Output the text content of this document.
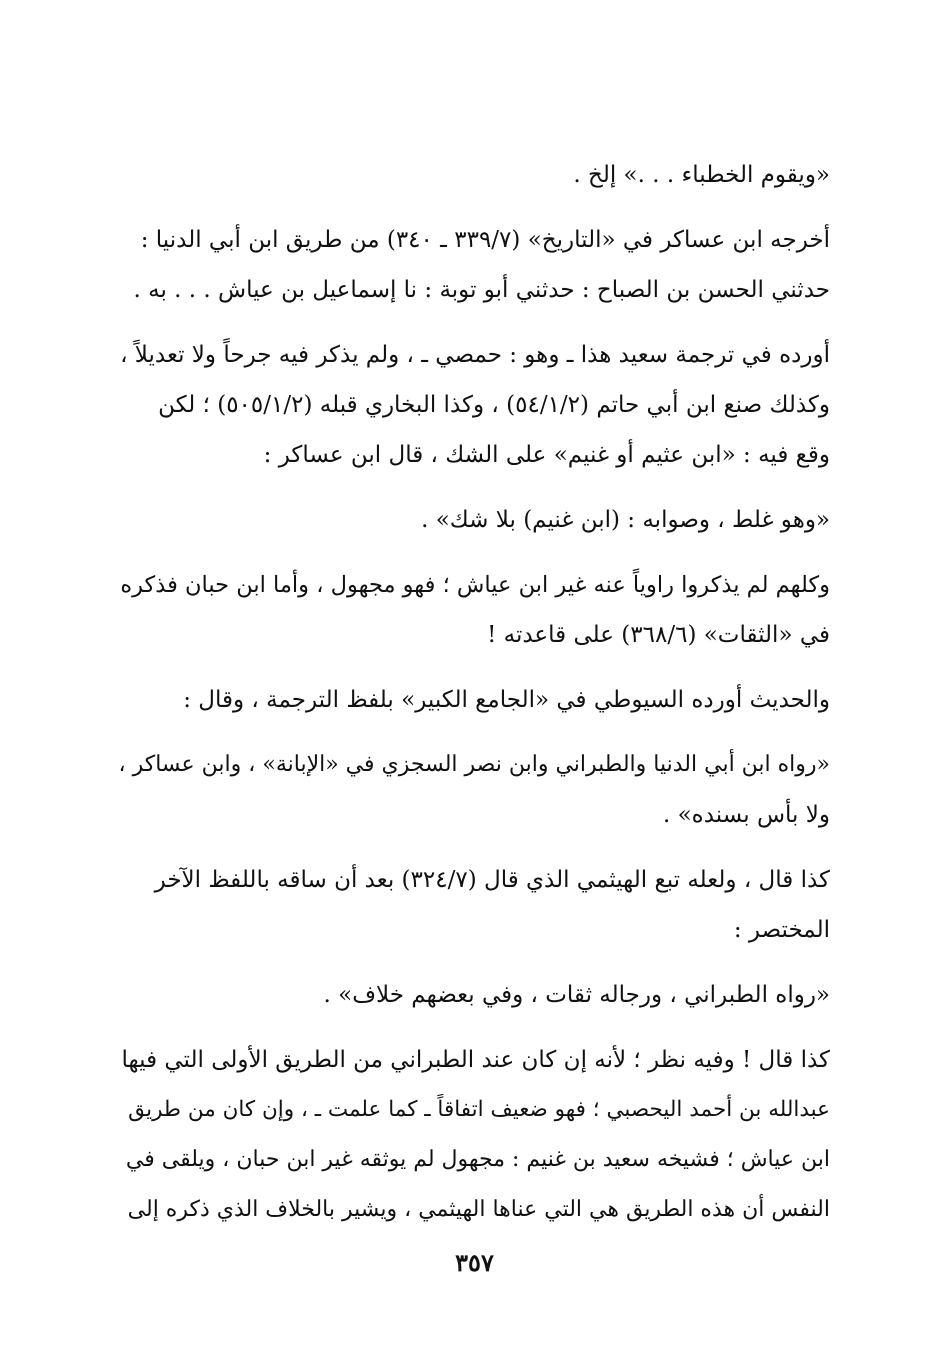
«ويقوم الخطباء . . .» إلخ .
أخرجه ابن عساكر في «التاريخ» (٣٣٩/٧ ـ ٣٤٠) من طريق ابن أبي الدنيا :
حدثني الحسن بن الصباح : حدثني أبو توبة : نا إسماعيل بن عياش . . . به .
أورده في ترجمة سعيد هذا ـ وهو : حمصي ـ ، ولم يذكر فيه جرحاً ولا تعديلاً ،
وكذلك صنع ابن أبي حاتم (٥٤/١/٢) ، وكذا البخاري قبله (٥٠٥/١/٢) ؛ لكن
وقع فيه : «ابن عثيم أو غنيم» على الشك ، قال ابن عساكر :
«وهو غلط ، وصوابه : (ابن غنيم) بلا شك» .
وكلهم لم يذكروا راوياً عنه غير ابن عياش ؛ فهو مجهول ، وأما ابن حبان فذكره
في «الثقات» (٣٦٨/٦) على قاعدته !
والحديث أورده السيوطي في «الجامع الكبير» بلفظ الترجمة ، وقال :
«رواه ابن أبي الدنيا والطبراني وابن نصر السجزي في «الإبانة» ، وابن عساكر ،
ولا بأس بسنده» .
كذا قال ، ولعله تبع الهيثمي الذي قال (٣٢٤/٧) بعد أن ساقه باللفظ الآخر
المختصر :
«رواه الطبراني ، ورجاله ثقات ، وفي بعضهم خلاف» .
كذا قال ! وفيه نظر ؛ لأنه إن كان عند الطبراني من الطريق الأولى التي فيها
عبدالله بن أحمد اليحصبي ؛ فهو ضعيف اتفاقاً ـ كما علمت ـ ، وإن كان من طريق
ابن عياش ؛ فشيخه سعيد بن غنيم : مجهول لم يوثقه غير ابن حبان ، ويلقى في
النفس أن هذه الطريق هي التي عناها الهيثمي ، ويشير بالخلاف الذي ذكره إلى
٣٥٧
